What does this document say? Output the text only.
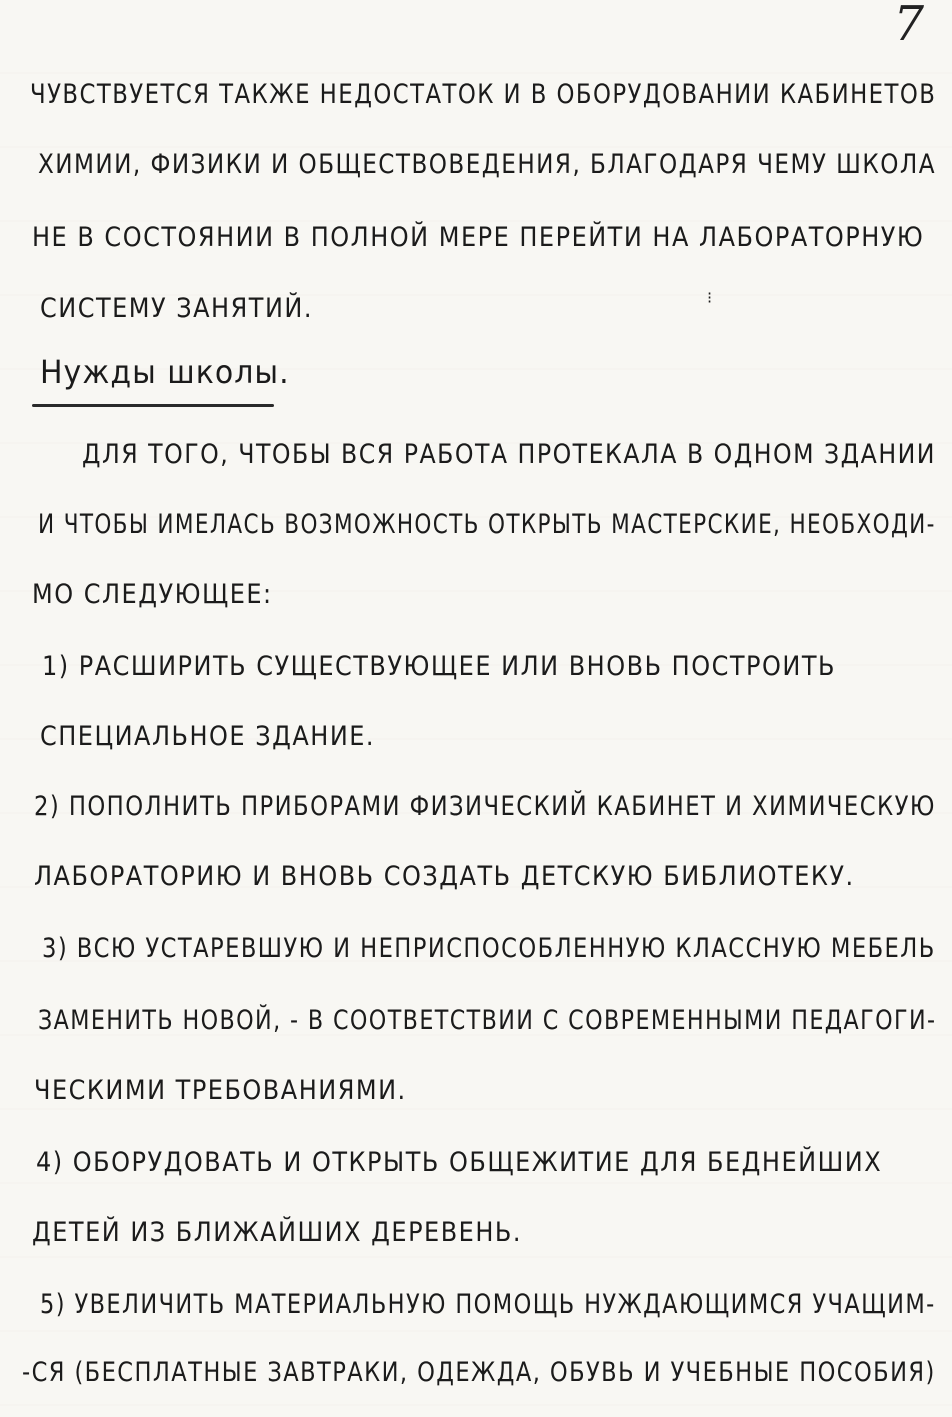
7
ЧУВСТВУЕТСЯ ТАКЖЕ НЕДОСТАТОК И В ОБОРУДОВАНИИ КАБИНЕТОВ
ХИМИИ, ФИЗИКИ И ОБЩЕСТВОВЕДЕНИЯ, БЛАГОДАРЯ ЧЕМУ ШКОЛА
НЕ В СОСТОЯНИИ В ПОЛНОЙ МЕРЕ ПЕРЕЙТИ НА ЛАБОРАТОРНУЮ
СИСТЕМУ ЗАНЯТИЙ.	⁝
Нужды школы.
ДЛЯ ТОГО, ЧТОБЫ ВСЯ РАБОТА ПРОТЕКАЛА В ОДНОМ ЗДАНИИ
И ЧТОБЫ ИМЕЛАСЬ ВОЗМОЖНОСТЬ ОТКРЫТЬ МАСТЕРСКИЕ, НЕОБХОДИ-
МО СЛЕДУЮЩЕЕ:
1) РАСШИРИТЬ СУЩЕСТВУЮЩЕЕ ИЛИ ВНОВЬ ПОСТРОИТЬ
СПЕЦИАЛЬНОЕ ЗДАНИЕ.
2) ПОПОЛНИТЬ ПРИБОРАМИ ФИЗИЧЕСКИЙ КАБИНЕТ И ХИМИЧЕСКУЮ
ЛАБОРАТОРИЮ И ВНОВЬ СОЗДАТЬ ДЕТСКУЮ БИБЛИОТЕКУ.
3) ВСЮ УСТАРЕВШУЮ И НЕПРИСПОСОБЛЕННУЮ КЛАССНУЮ МЕБЕЛЬ
ЗАМЕНИТЬ НОВОЙ, - В СООТВЕТСТВИИ С СОВРЕМЕННЫМИ ПЕДАГОГИ-
ЧЕСКИМИ ТРЕБОВАНИЯМИ.
4) ОБОРУДОВАТЬ И ОТКРЫТЬ ОБЩЕЖИТИЕ ДЛЯ БЕДНЕЙШИХ
ДЕТЕЙ ИЗ БЛИЖАЙШИХ ДЕРЕВЕНЬ.
5) УВЕЛИЧИТЬ МАТЕРИАЛЬНУЮ ПОМОЩЬ НУЖДАЮЩИМСЯ УЧАЩИМ-
-СЯ (БЕСПЛАТНЫЕ ЗАВТРАКИ, ОДЕЖДА, ОБУВЬ И УЧЕБНЫЕ ПОСОБИЯ)
